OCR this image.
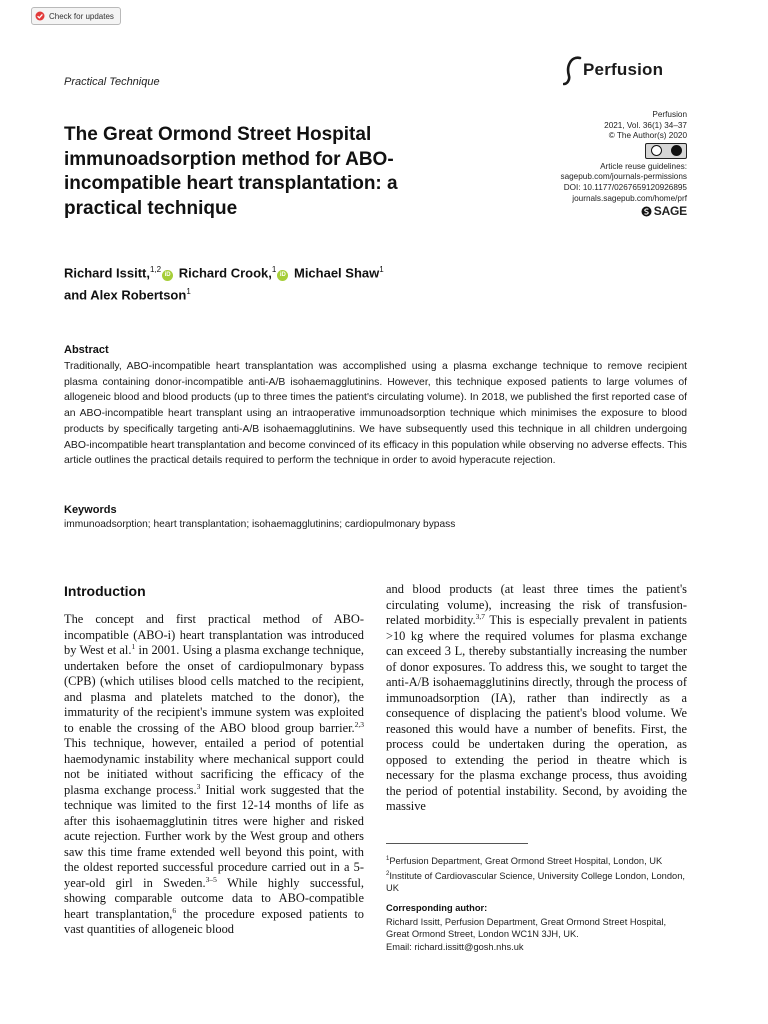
Check for updates
Practical Technique
Perfusion
Perfusion
2021, Vol. 36(1) 34–37
© The Author(s) 2020
Article reuse guidelines:
sagepub.com/journals-permissions
DOI: 10.1177/0267659120926895
journals.sagepub.com/home/prf
SAGE
The Great Ormond Street Hospital immunoadsorption method for ABO-incompatible heart transplantation: a practical technique
Richard Issitt,$^{1,2}$iD Richard Crook,$^1$iD Michael Shaw$^1$
and Alex Robertson$^1$
Abstract
Traditionally, ABO-incompatible heart transplantation was accomplished using a plasma exchange technique to remove recipient plasma containing donor-incompatible anti-A/B isohaemagglutinins. However, this technique exposed patients to large volumes of allogeneic blood and blood products (up to three times the patient's circulating volume). In 2018, we published the first reported case of an ABO-incompatible heart transplant using an intraoperative immunoadsorption technique which minimises the exposure to blood products by specifically targeting anti-A/B isohaemagglutinins. We have subsequently used this technique in all children undergoing ABO-incompatible heart transplantation and become convinced of its efficacy in this population while observing no adverse effects. This article outlines the practical details required to perform the technique in order to avoid hyperacute rejection.
Keywords
immunoadsorption; heart transplantation; isohaemagglutinins; cardiopulmonary bypass
Introduction
The concept and first practical method of ABO-incompatible (ABO-i) heart transplantation was introduced by West et al.$^1$ in 2001. Using a plasma exchange technique, undertaken before the onset of cardiopulmonary bypass (CPB) (which utilises blood cells matched to the recipient, and plasma and platelets matched to the donor), the immaturity of the recipient's immune system was exploited to enable the crossing of the ABO blood group barrier.$^{2,3}$ This technique, however, entailed a period of potential haemodynamic instability where mechanical support could not be initiated without sacrificing the efficacy of the plasma exchange process.$^3$ Initial work suggested that the technique was limited to the first 12-14 months of life as after this isohaemagglutinin titres were higher and risked acute rejection. Further work by the West group and others saw this time frame extended well beyond this point, with the oldest reported successful procedure carried out in a 5-year-old girl in Sweden.$^{3-5}$ While highly successful, showing comparable outcome data to ABO-compatible heart transplantation,$^6$ the procedure exposed patients to vast quantities of allogeneic blood
and blood products (at least three times the patient's circulating volume), increasing the risk of transfusion-related morbidity.$^{3,7}$ This is especially prevalent in patients >10 kg where the required volumes for plasma exchange can exceed 3 L, thereby substantially increasing the number of donor exposures. To address this, we sought to target the anti-A/B isohaemagglutinins directly, through the process of immunoadsorption (IA), rather than indirectly as a consequence of displacing the patient's blood volume. We reasoned this would have a number of benefits. First, the process could be undertaken during the operation, as opposed to extending the period in theatre which is necessary for the plasma exchange process, thus avoiding the period of potential instability. Second, by avoiding the massive
$^1$Perfusion Department, Great Ormond Street Hospital, London, UK
$^2$Institute of Cardiovascular Science, University College London, London, UK
Corresponding author:
Richard Issitt, Perfusion Department, Great Ormond Street Hospital, Great Ormond Street, London WC1N 3JH, UK.
Email: richard.issitt@gosh.nhs.uk
